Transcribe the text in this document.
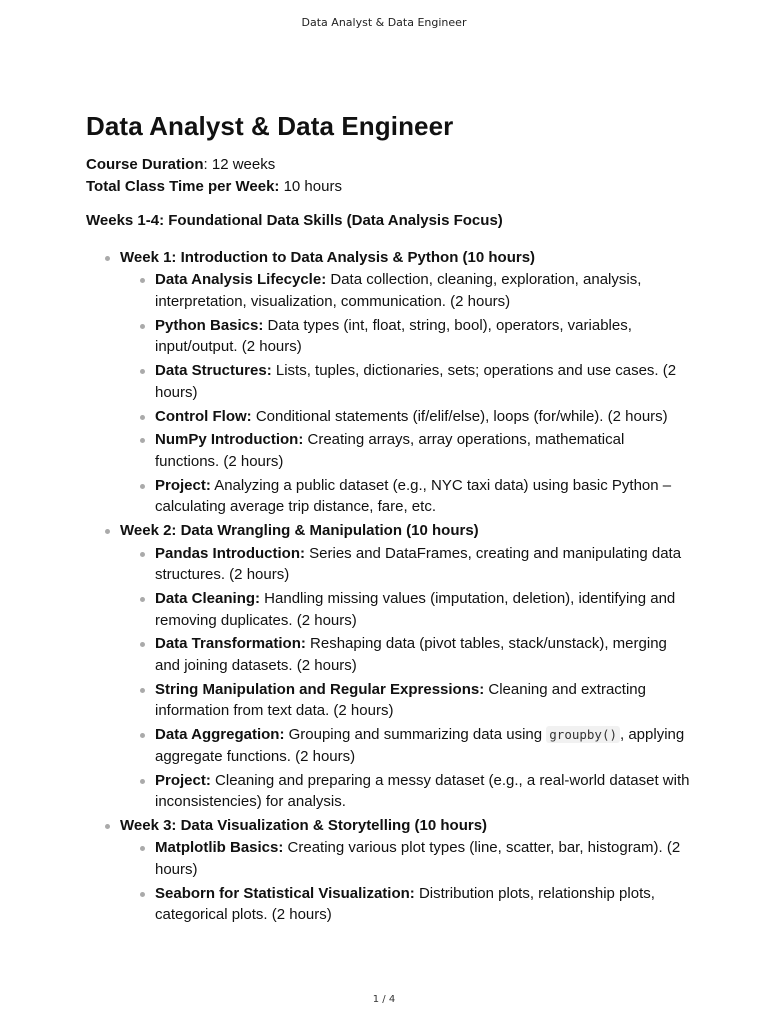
Data Analyst & Data Engineer
Data Analyst & Data Engineer

Course Duration: 12 weeks

Total Class Time per Week: 10 hours

Weeks 1-4: Foundational Data Skills (Data Analysis Focus)

Week 1: Introduction to Data Analysis & Python (10 hours)
Data Analysis Lifecycle: Data collection, cleaning, exploration, analysis, interpretation, visualization, communication. (2 hours)
Python Basics: Data types (int, float, string, bool), operators, variables, input/output. (2 hours)
Data Structures: Lists, tuples, dictionaries, sets; operations and use cases. (2 hours)
Control Flow: Conditional statements (if/elif/else), loops (for/while). (2 hours)
NumPy Introduction: Creating arrays, array operations, mathematical functions. (2 hours)
Project: Analyzing a public dataset (e.g., NYC taxi data) using basic Python – calculating average trip distance, fare, etc.
Week 2: Data Wrangling & Manipulation (10 hours)
Pandas Introduction: Series and DataFrames, creating and manipulating data structures. (2 hours)
Data Cleaning: Handling missing values (imputation, deletion), identifying and removing duplicates. (2 hours)
Data Transformation: Reshaping data (pivot tables, stack/unstack), merging and joining datasets. (2 hours)
String Manipulation and Regular Expressions: Cleaning and extracting information from text data. (2 hours)
Data Aggregation: Grouping and summarizing data using groupby() , applying aggregate functions. (2 hours)
Project: Cleaning and preparing a messy dataset (e.g., a real-world dataset with inconsistencies) for analysis.
Week 3: Data Visualization & Storytelling (10 hours)
Matplotlib Basics: Creating various plot types (line, scatter, bar, histogram). (2 hours)
Seaborn for Statistical Visualization: Distribution plots, relationship plots, categorical plots. (2 hours)
1 / 4
